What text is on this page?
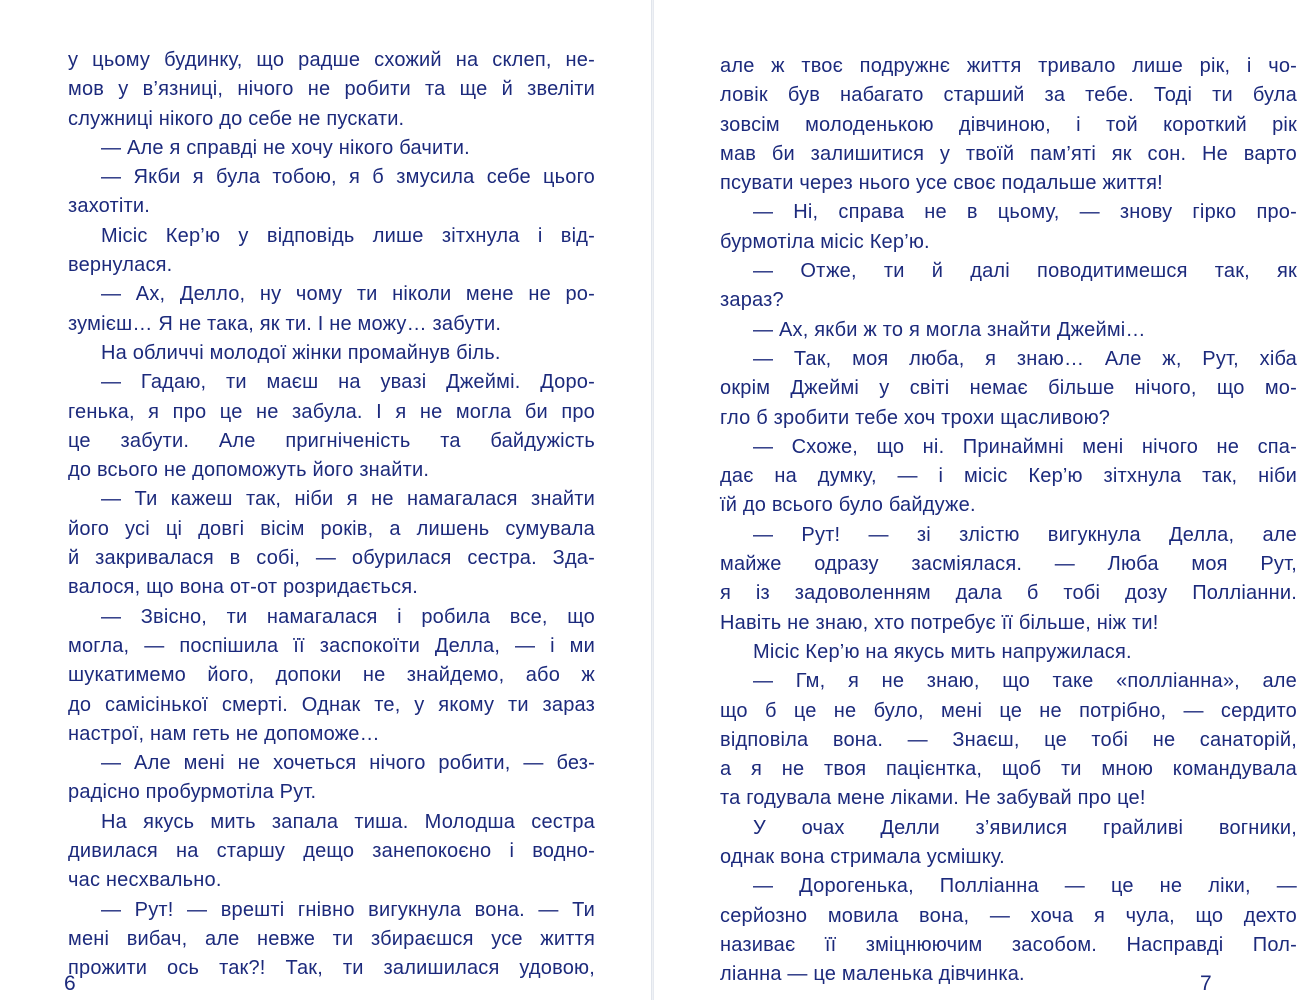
у цьому будинку, що радше схожий на склеп, не-
мов у в’язниці, нічого не робити та ще й звеліти
служниці нікого до себе не пускати.
— Але я справді не хочу нікого бачити.
— Якби я була тобою, я б змусила себе цього
захотіти.
Місіс Кер’ю у відповідь лише зітхнула і від-
вернулася.
— Ах, Делло, ну чому ти ніколи мене не ро-
зумієш… Я не така, як ти. І не можу… забути.
На обличчі молодої жінки промайнув біль.
— Гадаю, ти маєш на увазі Джеймі. Доро-
генька, я про це не забула. І я не могла би про
це забути. Але пригніченість та байдужість
до всього не допоможуть його знайти.
— Ти кажеш так, ніби я не намагалася знайти
його усі ці довгі вісім років, а лишень сумувала
й закривалася в собі, — обурилася сестра. Зда-
валося, що вона от-от розридається.
— Звісно, ти намагалася і робила все, що
могла, — поспішила її заспокоїти Делла, — і ми
шукатимемо його, допоки не знайдемо, або ж
до самісінької смерті. Однак те, у якому ти зараз
настрої, нам геть не допоможе…
— Але мені не хочеться нічого робити, — без-
радісно пробурмотіла Рут.
На якусь мить запала тиша. Молодша сестра
дивилася на старшу дещо занепокоєно і водно-
час несхвально.
— Рут! — врешті гнівно вигукнула вона. — Ти
мені вибач, але невже ти збираєшся усе життя
прожити ось так?! Так, ти залишилася удовою,
6
але ж твоє подружнє життя тривало лише рік, і чо-
ловік був набагато старший за тебе. Тоді ти була
зовсім молоденькою дівчиною, і той короткий рік
мав би залишитися у твоїй пам’яті як сон. Не варто
псувати через нього усе своє подальше життя!
— Ні, справа не в цьому, — знову гірко про-
бурмотіла місіс Кер’ю.
— Отже, ти й далі поводитимешся так, як
зараз?
— Ах, якби ж то я могла знайти Джеймі…
— Так, моя люба, я знаю… Але ж, Рут, хіба
окрім Джеймі у світі немає більше нічого, що мо-
гло б зробити тебе хоч трохи щасливою?
— Схоже, що ні. Принаймні мені нічого не спа-
дає на думку, — і місіс Кер’ю зітхнула так, ніби
їй до всього було байдуже.
— Рут! — зі злістю вигукнула Делла, але
майже одразу засміялася. — Люба моя Рут,
я із задоволенням дала б тобі дозу Полліанни.
Навіть не знаю, хто потребує її більше, ніж ти!
Місіс Кер’ю на якусь мить напружилася.
— Гм, я не знаю, що таке «полліанна», але
що б це не було, мені це не потрібно, — сердито
відповіла вона. — Знаєш, це тобі не санаторій,
а я не твоя пацієнтка, щоб ти мною командувала
та годувала мене ліками. Не забувай про це!
У очах Делли з’явилися грайливі вогники,
однак вона стримала усмішку.
— Дорогенька, Полліанна — це не ліки, —
серйозно мовила вона, — хоча я чула, що дехто
називає її зміцнюючим засобом. Насправді Пол-
ліанна — це маленька дівчинка.	7
